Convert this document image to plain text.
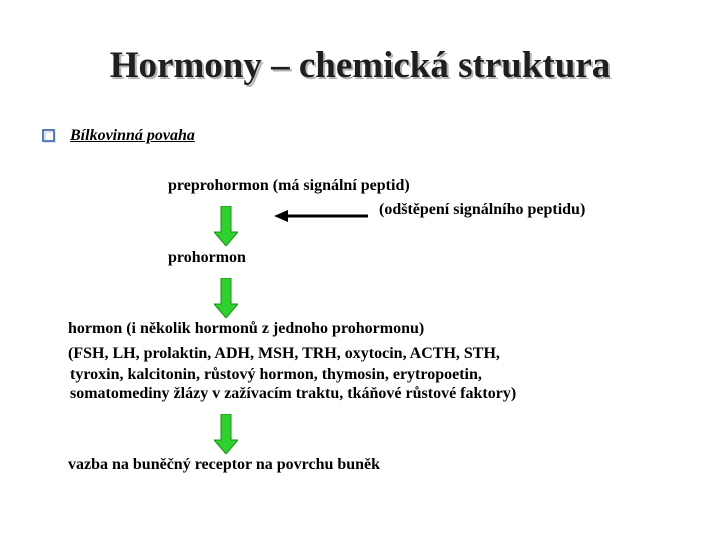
Hormony – chemická struktura
Bílkovinná povaha
preprohormon (má signální peptid)
(odštěpení signálního peptidu)
prohormon
hormon (i několik hormonů z jednoho prohormonu)
(FSH, LH, prolaktin, ADH, MSH, TRH, oxytocin, ACTH, STH,
tyroxin, kalcitonin, růstový hormon, thymosin, erytropoetin,
somatomediny žlázy v zažívacím traktu, tkáňové růstové faktory)
vazba na buněčný receptor na povrchu buněk
